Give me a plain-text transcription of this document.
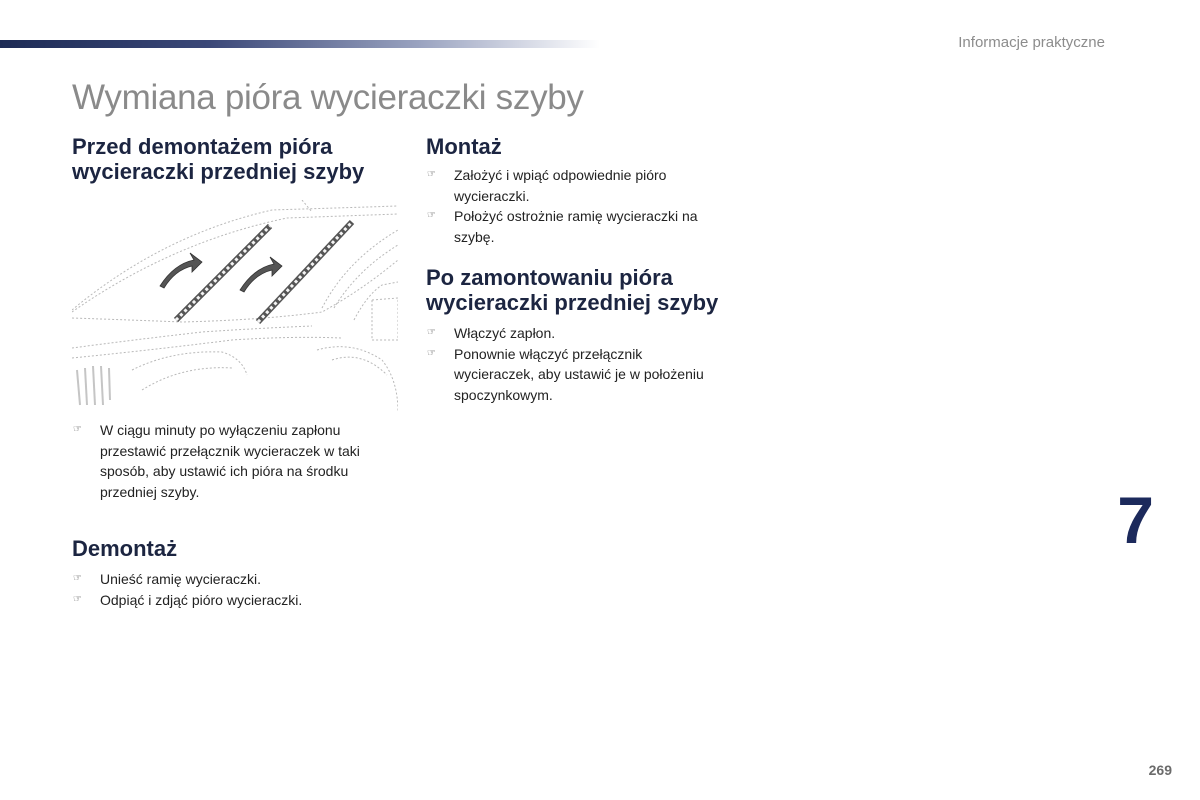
Informacje praktyczne
Wymiana pióra wycieraczki szyby
Przed demontażem pióra
wycieraczki przedniej szyby
☞ W ciągu minuty po wyłączeniu zapłonu
przestawić przełącznik wycieraczek w taki
sposób, aby ustawić ich pióra na środku
przedniej szyby.
Demontaż
☞ Unieść ramię wycieraczki.
☞ Odpiąć i zdjąć pióro wycieraczki.
Montaż
☞ Założyć i wpiąć odpowiednie pióro
wycieraczki.
☞ Położyć ostrożnie ramię wycieraczki na
szybę.
Po zamontowaniu pióra
wycieraczki przedniej szyby
☞ Włączyć zapłon.
☞ Ponownie włączyć przełącznik
wycieraczek, aby ustawić je w położeniu
spoczynkowym.
7
269
